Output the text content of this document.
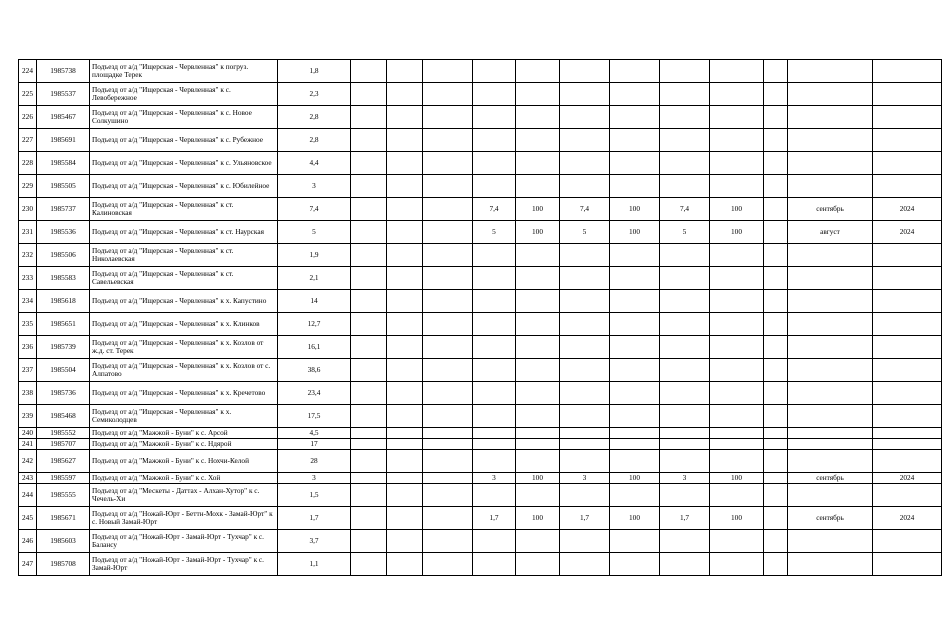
224	1985738	Подъезд от а/д "Ищерская - Червленная" к погруз. площадке Терек	1,8												
225	1985537	Подъезд от а/д "Ищерская - Червленная" к с. Левобережное	2,3												
226	1985467	Подъезд от а/д "Ищерская - Червленная" к с. Новое Солкушино	2,8												
227	1985691	Подъезд от а/д "Ищерская - Червленная" к с. Рубежное	2,8												
228	1985584	Подъезд от а/д "Ищерская - Червленная" к с. Ульяновское	4,4												
229	1985505	Подъезд от а/д "Ищерская - Червленная" к с. Юбилейное	3												
230	1985737	Подъезд от а/д "Ищерская - Червленная" к ст. Калиновская	7,4				7,4	100	7,4	100	7,4	100		сентябрь	2024
231	1985536	Подъезд от а/д "Ищерская - Червленная" к ст. Наурская	5				5	100	5	100	5	100		август	2024
232	1985506	Подъезд от а/д "Ищерская - Червленная" к ст. Николаевская	1,9												
233	1985583	Подъезд от а/д "Ищерская - Червленная" к ст. Савельевская	2,1												
234	1985618	Подъезд от а/д "Ищерская - Червленная" к х. Капустино	14												
235	1985651	Подъезд от а/д "Ищерская - Червленная" к х. Клинков	12,7												
236	1985739	Подъезд от а/д "Ищерская - Червленная" к х. Козлов от ж.д. ст. Терек	16,1												
237	1985504	Подъезд от а/д "Ищерская - Червленная" к х. Козлов от с. Алпатово	38,6												
238	1985736	Подъезд от а/д "Ищерская - Червленная" к х. Кречетово	23,4												
239	1985468	Подъезд от а/д "Ищерская - Червленная" к х. Семиколодцев	17,5												
240	1985552	Подъезд от а/д "Мажжой - Буни" к с. Арсой	4,5												
241	1985707	Подъезд от а/д "Мажжой - Буни" к с. Ндярой	17												
242	1985627	Подъезд от а/д "Мажжой - Буни" к с. Нохчи-Келой	28												
243	1985597	Подъезд от а/д "Мажжой - Буни" к с. Хой	3				3	100	3	100	3	100		сентябрь	2024
244	1985555	Подъезд от а/д "Мескеты - Даттах - Алхан-Хутор" к с. Чечель-Хи	1,5												
245	1985671	Подъезд от а/д "Ножай-Юрт - Беттн-Мохк - Замай-Юрт" к с. Новый Замай-Юрт	1,7				1,7	100	1,7	100	1,7	100		сентябрь	2024
246	1985603	Подъезд от а/д "Ножай-Юрт - Замай-Юрт - Тухчар" к с. Балансу	3,7												
247	1985708	Подъезд от а/д "Ножай-Юрт - Замай-Юрт - Тухчар" к с. Замай-Юрт	1,1												
